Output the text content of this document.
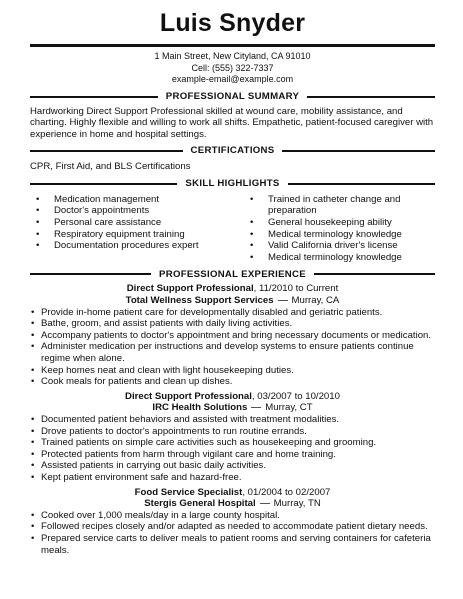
Luis Snyder
1 Main Street, New Cityland, CA 91010
Cell: (555) 322-7337
example-email@example.com
PROFESSIONAL SUMMARY
Hardworking Direct Support Professional skilled at wound care, mobility assistance, and charting. Highly flexible and willing to work all shifts. Empathetic, patient-focused caregiver with experience in home and hospital settings.
CERTIFICATIONS
CPR, First Aid, and BLS Certifications
SKILL HIGHLIGHTS
• Medication management
• Doctor's appointments
• Personal care assistance
• Respiratory equipment training
• Documentation procedures expert
• Trained in catheter change and preparation
• General housekeeping ability
• Medical terminology knowledge
• Valid California driver's license
• Medical terminology knowledge
PROFESSIONAL EXPERIENCE
Direct Support Professional, 11/2010 to Current
Total Wellness Support Services Murray, CA
• Provide in-home patient care for developmentally disabled and geriatric patients.
• Bathe, groom, and assist patients with daily living activities.
• Accompany patients to doctor's appointment and bring necessary documents or medication.
• Administer medication per instructions and develop systems to ensure patients continue regime when alone.
• Keep homes neat and clean with light housekeeping duties.
• Cook meals for patients and clean up dishes.
Direct Support Professional, 03/2007 to 10/2010
IRC Health Solutions Murray, CT
• Documented patient behaviors and assisted with treatment modalities.
• Drove patients to doctor's appointments to run routine errands.
• Trained patients on simple care activities such as housekeeping and grooming.
• Protected patients from harm through vigilant care and home training.
• Assisted patients in carrying out basic daily activities.
• Kept patient environment safe and hazard-free.
Food Service Specialist, 01/2004 to 02/2007
Stergis General Hospital Murray, TN
• Cooked over 1,000 meals/day in a large county hospital.
• Followed recipes closely and/or adapted as needed to accommodate patient dietary needs.
• Prepared service carts to deliver meals to patient rooms and serving containers for cafeteria meals.
